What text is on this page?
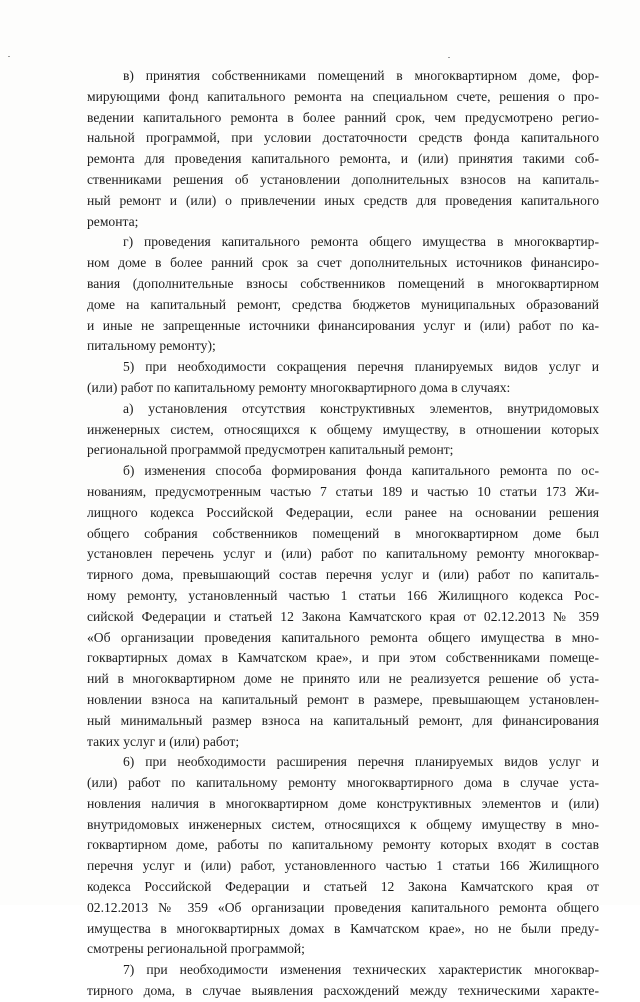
в) принятия собственниками помещений в многоквартирном доме, фор-
мирующими фонд капитального ремонта на специальном счете, решения о про-
ведении капитального ремонта в более ранний срок, чем предусмотрено регио-
нальной программой, при условии достаточности средств фонда капитального
ремонта для проведения капитального ремонта, и (или) принятия такими соб-
ственниками решения об установлении дополнительных взносов на капиталь-
ный ремонт и (или) о привлечении иных средств для проведения капитального
ремонта;
г) проведения капитального ремонта общего имущества в многоквартир-
ном доме в более ранний срок за счет дополнительных источников финансиро-
вания (дополнительные взносы собственников помещений в многоквартирном
доме на капитальный ремонт, средства бюджетов муниципальных образований
и иные не запрещенные источники финансирования услуг и (или) работ по ка-
питальному ремонту);
5) при необходимости сокращения перечня планируемых видов услуг и
(или) работ по капитальному ремонту многоквартирного дома в случаях:
а) установления отсутствия конструктивных элементов, внутридомовых
инженерных систем, относящихся к общему имуществу, в отношении которых
региональной программой предусмотрен капитальный ремонт;
б) изменения способа формирования фонда капитального ремонта по ос-
нованиям, предусмотренным частью 7 статьи 189 и частью 10 статьи 173 Жи-
лищного кодекса Российской Федерации, если ранее на основании решения
общего собрания собственников помещений в многоквартирном доме был
установлен перечень услуг и (или) работ по капитальному ремонту многоквар-
тирного дома, превышающий состав перечня услуг и (или) работ по капиталь-
ному ремонту, установленный частью 1 статьи 166 Жилищного кодекса Рос-
сийской Федерации и статьей 12 Закона Камчатского края от 02.12.2013 № 359
«Об организации проведения капитального ремонта общего имущества в мно-
гоквартирных домах в Камчатском крае», и при этом собственниками помеще-
ний в многоквартирном доме не принято или не реализуется решение об уста-
новлении взноса на капитальный ремонт в размере, превышающем установлен-
ный минимальный размер взноса на капитальный ремонт, для финансирования
таких услуг и (или) работ;
6) при необходимости расширения перечня планируемых видов услуг и
(или) работ по капитальному ремонту многоквартирного дома в случае уста-
новления наличия в многоквартирном доме конструктивных элементов и (или)
внутридомовых инженерных систем, относящихся к общему имуществу в мно-
гоквартирном доме, работы по капитальному ремонту которых входят в состав
перечня услуг и (или) работ, установленного частью 1 статьи 166 Жилищного
кодекса Российской Федерации и статьей 12 Закона Камчатского края от
02.12.2013 № 359 «Об организации проведения капитального ремонта общего
имущества в многоквартирных домах в Камчатском крае», но не были преду-
смотрены региональной программой;
7) при необходимости изменения технических характеристик многоквар-
тирного дома, в случае выявления расхождений между техническими характе-
